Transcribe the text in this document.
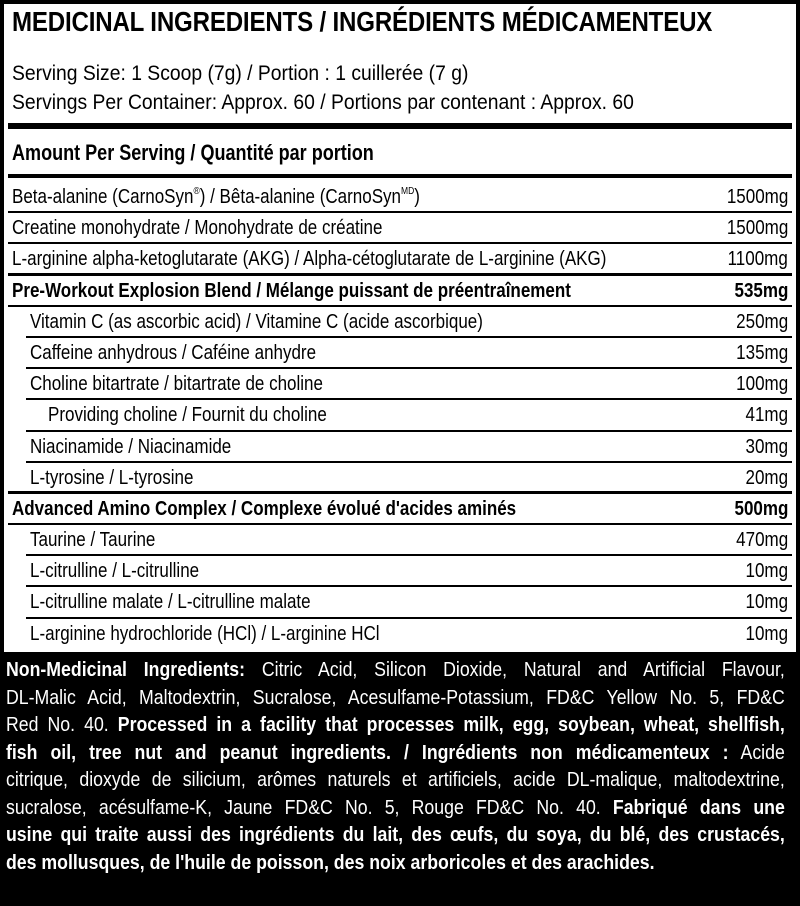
MEDICINAL INGREDIENTS / INGRÉDIENTS MÉDICAMENTEUX
Serving Size: 1 Scoop (7g) / Portion : 1 cuillerée (7 g)
Servings Per Container: Approx. 60 / Portions par contenant : Approx. 60
Amount Per Serving / Quantité par portion
Beta-alanine (CarnoSyn®) / Bêta-alanine (CarnoSyn$^{MD}$)	1500mg
Creatine monohydrate / Monohydrate de créatine	1500mg
L-arginine alpha-ketoglutarate (AKG) / Alpha-cétoglutarate de L-arginine (AKG)	1100mg
Pre-Workout Explosion Blend / Mélange puissant de préentraînement	535mg
Vitamin C (as ascorbic acid) / Vitamine C (acide ascorbique)	250mg
Caffeine anhydrous / Caféine anhydre	135mg
Choline bitartrate / bitartrate de choline	100mg
Providing choline / Fournit du choline	41mg
Niacinamide / Niacinamide	30mg
L-tyrosine / L-tyrosine	20mg
Advanced Amino Complex / Complexe évolué d'acides aminés	500mg
Taurine / Taurine	470mg
L-citrulline / L-citrulline	10mg
L-citrulline malate / L-citrulline malate	10mg
L-arginine hydrochloride (HCl) / L-arginine HCl	10mg
Non-Medicinal Ingredients: Citric Acid, Silicon Dioxide, Natural and Artificial Flavour,
DL-Malic Acid, Maltodextrin, Sucralose, Acesulfame-Potassium, FD&C Yellow No. 5, FD&C
Red No. 40. Processed in a facility that processes milk, egg, soybean, wheat, shellfish,
fish oil, tree nut and peanut ingredients. / Ingrédients non médicamenteux : Acide
citrique, dioxyde de silicium, arômes naturels et artificiels, acide DL-malique, maltodextrine,
sucralose, acésulfame-K, Jaune FD&C No. 5, Rouge FD&C No. 40. Fabriqué dans une
usine qui traite aussi des ingrédients du lait, des œufs, du soya, du blé, des crustacés,
des mollusques, de l'huile de poisson, des noix arboricoles et des arachides.
